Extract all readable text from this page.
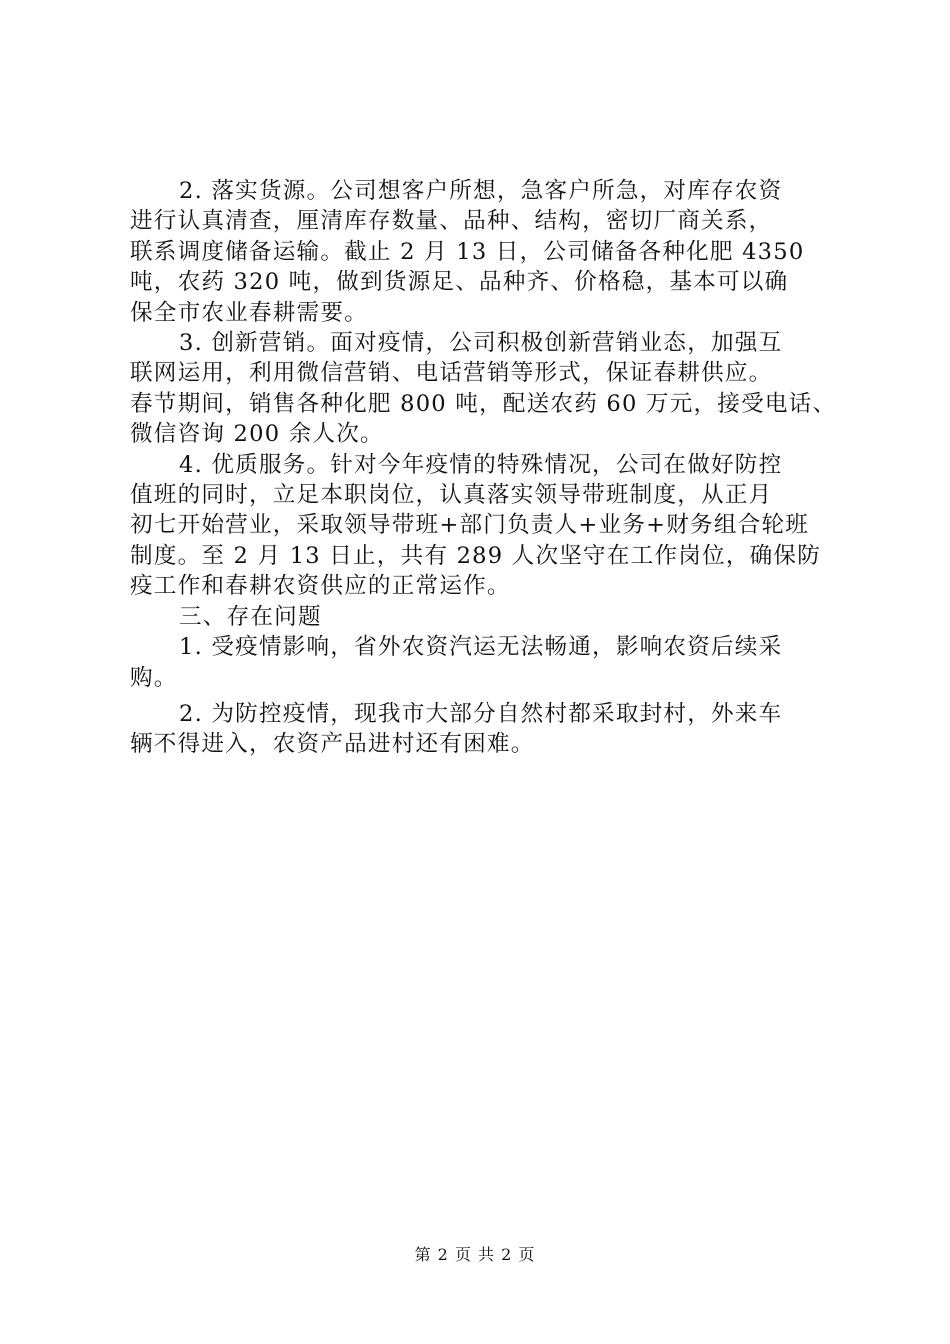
2. 落实货源。公司想客户所想，急客户所急，对库存农资
进行认真清查，厘清库存数量、品种、结构，密切厂商关系，
联系调度储备运输。截止 2 月 13 日，公司储备各种化肥 4350
吨，农药 320 吨，做到货源足、品种齐、价格稳，基本可以确
保全市农业春耕需要。

3. 创新营销。面对疫情，公司积极创新营销业态，加强互
联网运用，利用微信营销、电话营销等形式，保证春耕供应。
春节期间，销售各种化肥 800 吨，配送农药 60 万元，接受电话、
微信咨询 200 余人次。

4. 优质服务。针对今年疫情的特殊情况，公司在做好防控
值班的同时，立足本职岗位，认真落实领导带班制度，从正月
初七开始营业，采取领导带班+部门负责人+业务+财务组合轮班
制度。至 2 月 13 日止，共有 289 人次坚守在工作岗位，确保防
疫工作和春耕农资供应的正常运作。

三、存在问题

1. 受疫情影响，省外农资汽运无法畅通，影响农资后续采
购。

2. 为防控疫情，现我市大部分自然村都采取封村，外来车
辆不得进入，农资产品进村还有困难。

第 2 页 共 2 页
